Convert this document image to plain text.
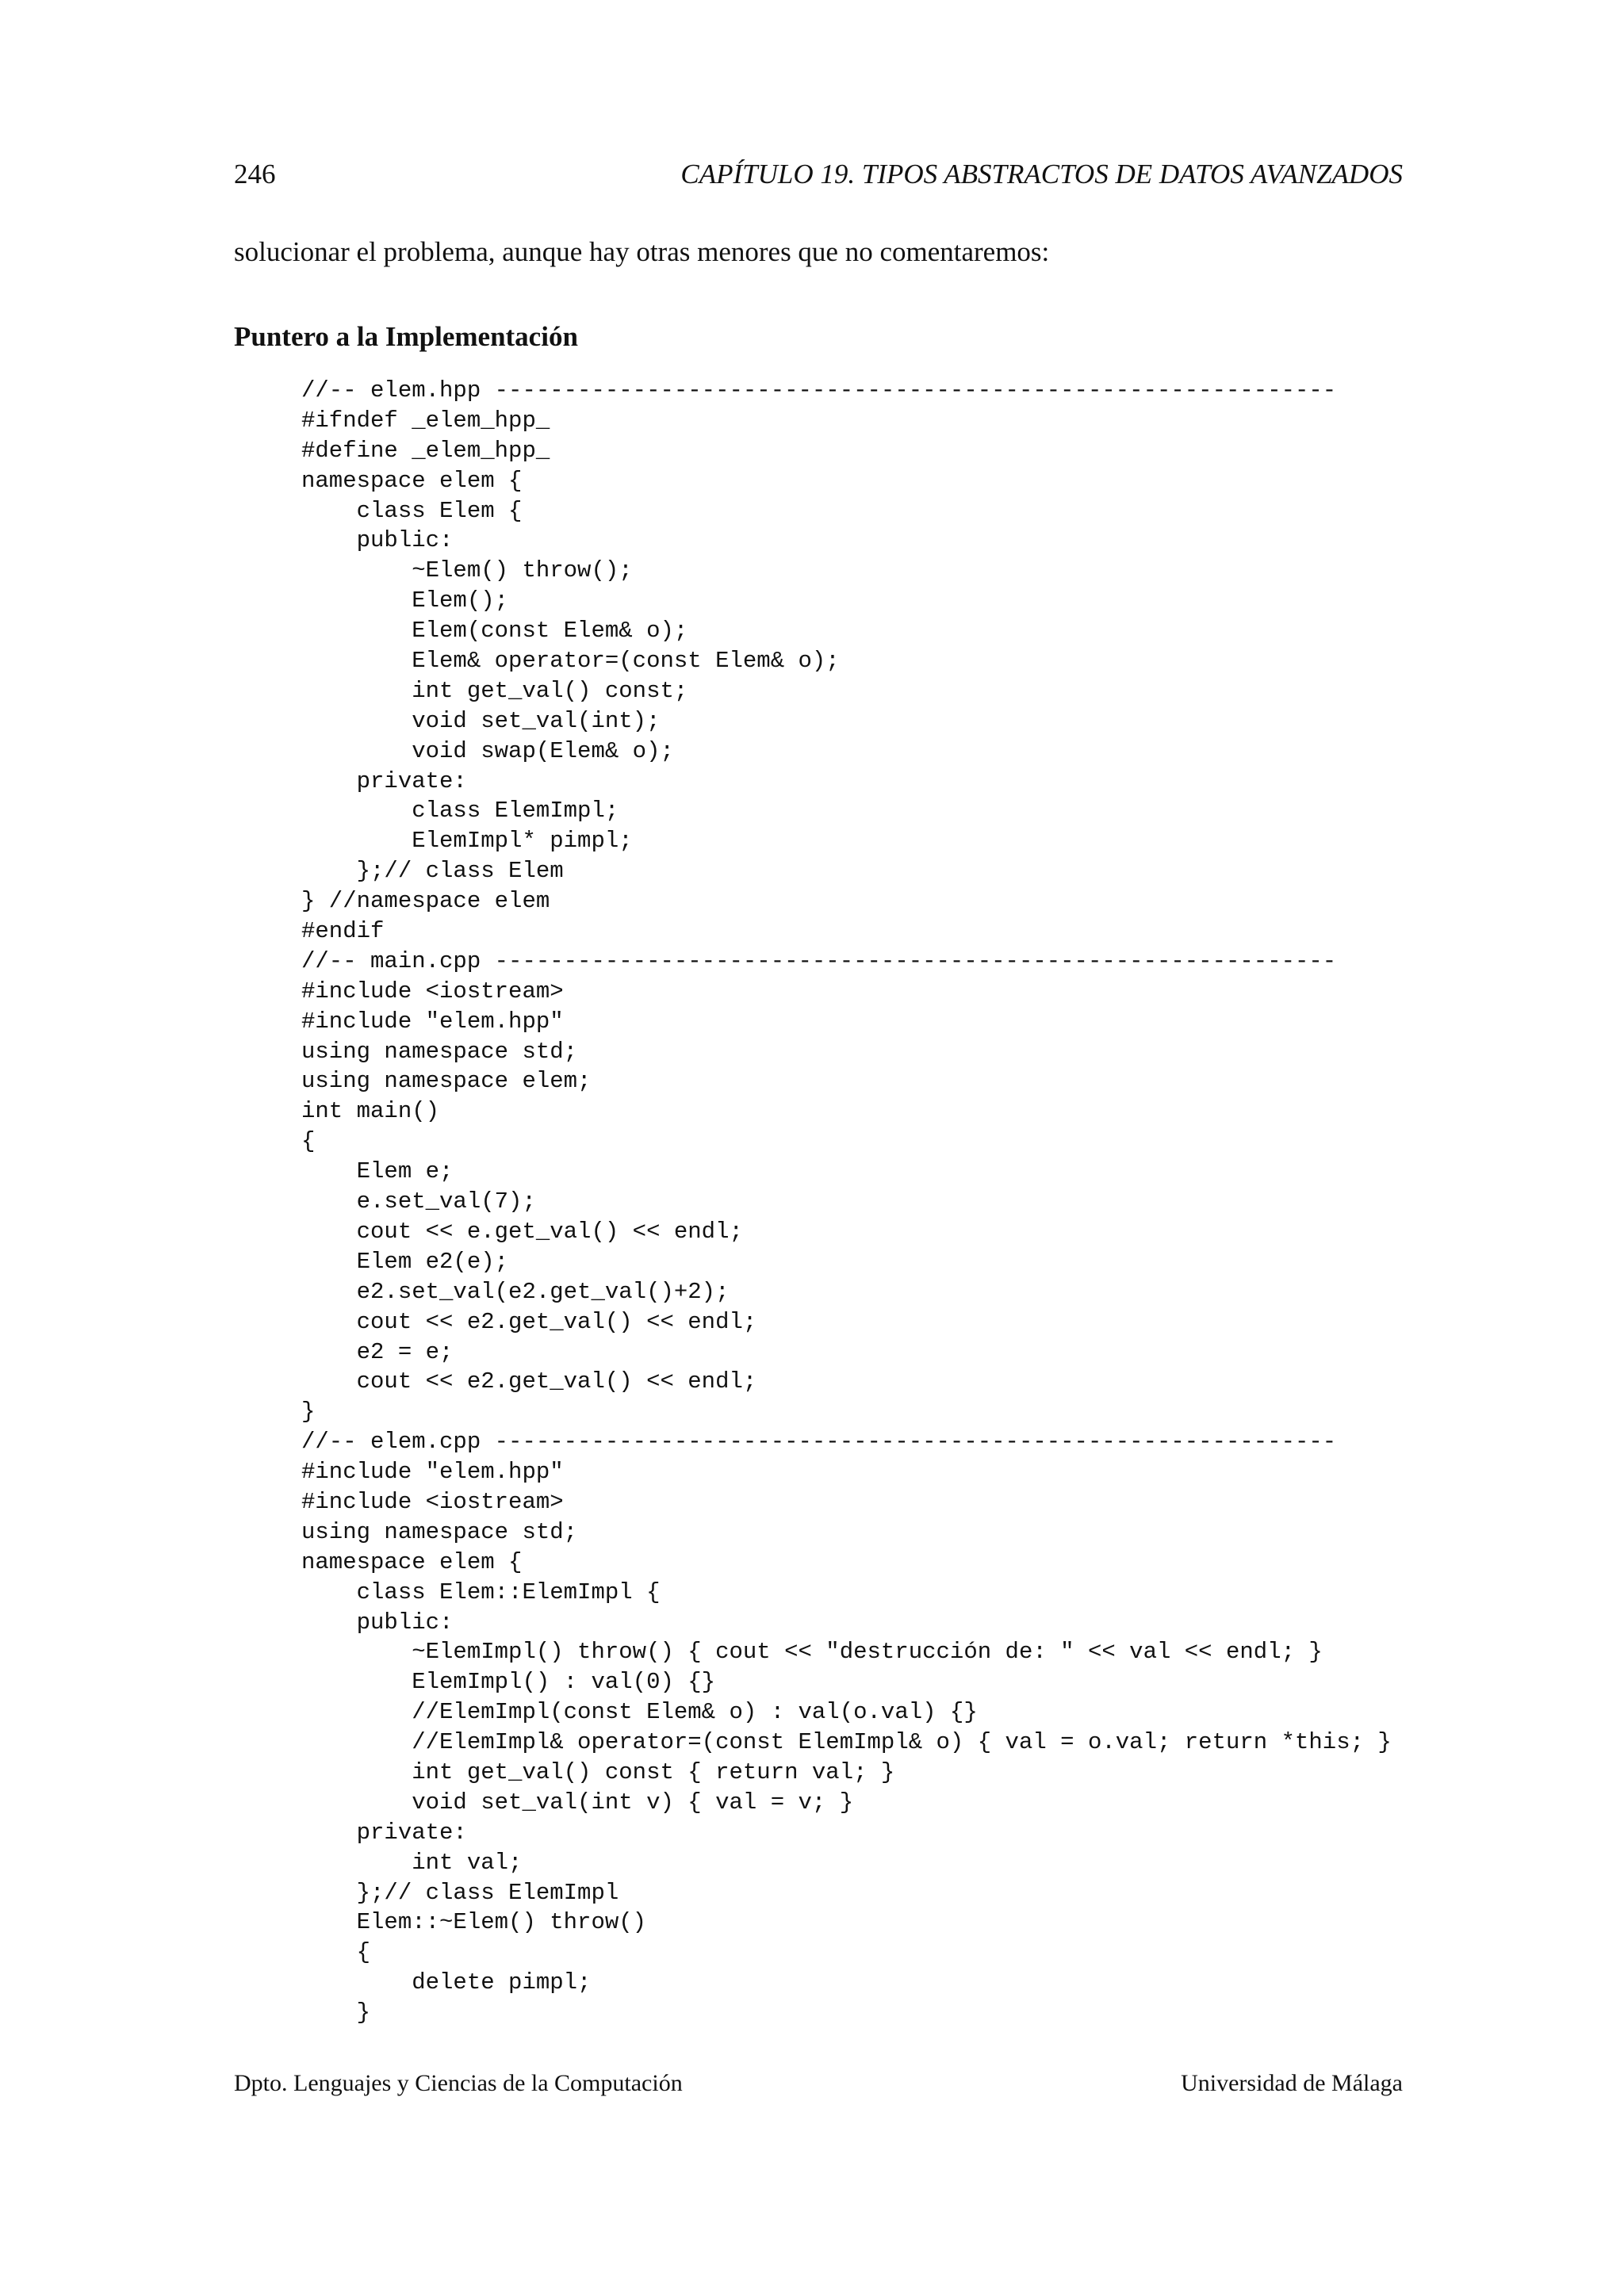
246	CAPÍTULO 19. TIPOS ABSTRACTOS DE DATOS AVANZADOS

solucionar el problema, aunque hay otras menores que no comentaremos:

Puntero a la Implementación
//-- elem.hpp -------------------------------------------------------------
#ifndef _elem_hpp_
#define _elem_hpp_
namespace elem {
class Elem {
public:
~Elem() throw();
Elem();
Elem(const Elem& o);
Elem& operator=(const Elem& o);
int get_val() const;
void set_val(int);
void swap(Elem& o);
private:
class ElemImpl;
ElemImpl* pimpl;
};// class Elem
} //namespace elem
#endif
//-- main.cpp -------------------------------------------------------------
#include <iostream>
#include "elem.hpp"
using namespace std;
using namespace elem;
int main()
{
Elem e;
e.set_val(7);
cout << e.get_val() << endl;
Elem e2(e);
e2.set_val(e2.get_val()+2);
cout << e2.get_val() << endl;
e2 = e;
cout << e2.get_val() << endl;
}
//-- elem.cpp -------------------------------------------------------------
#include "elem.hpp"
#include <iostream>
using namespace std;
namespace elem {
class Elem::ElemImpl {
public:
~ElemImpl() throw() { cout << "destrucción de: " << val << endl; }
ElemImpl() : val(0) {}
//ElemImpl(const Elem& o) : val(o.val) {}
//ElemImpl& operator=(const ElemImpl& o) { val = o.val; return *this; }
int get_val() const { return val; }
void set_val(int v) { val = v; }
private:
int val;
};// class ElemImpl
Elem::~Elem() throw()
{
delete pimpl;
}
Dpto. Lenguajes y Ciencias de la Computación	Universidad de Málaga
